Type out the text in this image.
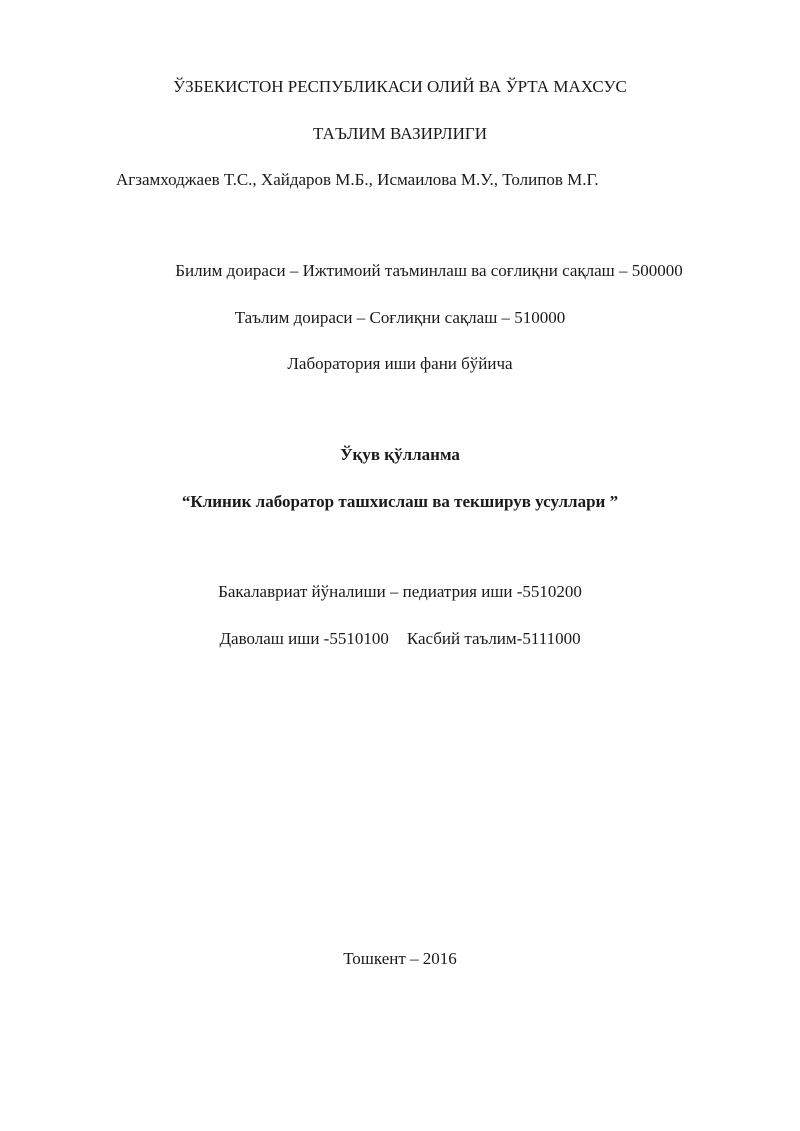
ЎЗБЕКИСТОН РЕСПУБЛИКАСИ ОЛИЙ ВА ЎРТА МАХСУС
ТАЪЛИМ ВАЗИРЛИГИ
Агзамходжаев Т.С., Хайдаров М.Б., Исмаилова М.У., Толипов М.Г.
Билим доираси – Ижтимоий таъминлаш ва соғлиқни сақлаш – 500000
Таълим доираси – Соғлиқни сақлаш – 510000
Лаборатория иши фани бўйича
Ўқув қўлланма
“Клиник лаборатор ташхислаш ва текширув усуллари ”
Бакалавриат йўналиши – педиатрия иши -5510200
Даволаш иши -5510100 Касбий таълим-5111000
Тошкент – 2016
